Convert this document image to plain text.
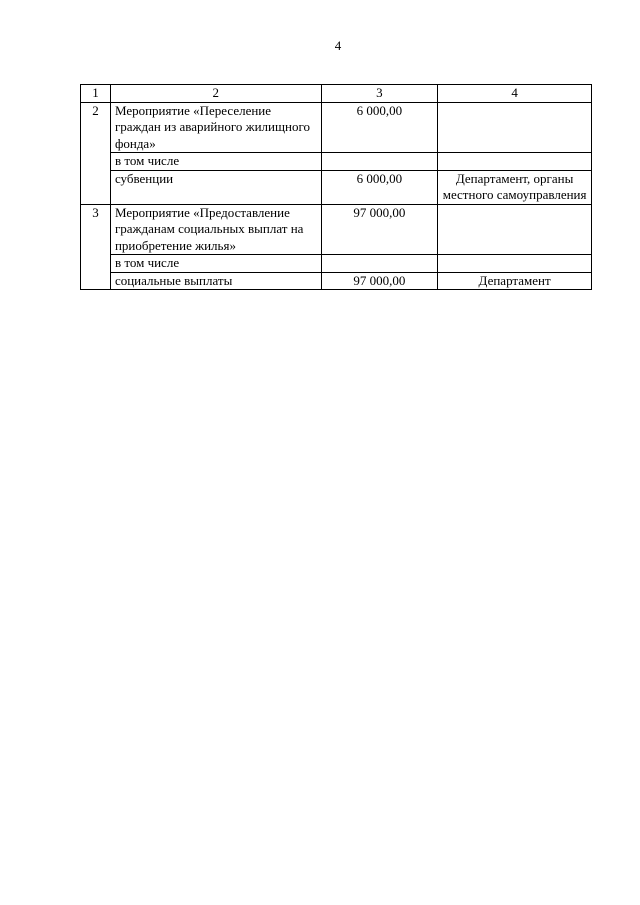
4
1	2	3	4
2	Мероприятие «Переселение граждан из аварийного жилищного фонда»	6 000,00	
	в том числе		
	субвенции	6 000,00	Департамент, органы местного самоуправления
3	Мероприятие «Предоставление гражданам социальных выплат на приобретение жилья»	97 000,00	
	в том числе		
	социальные выплаты	97 000,00	Департамент
